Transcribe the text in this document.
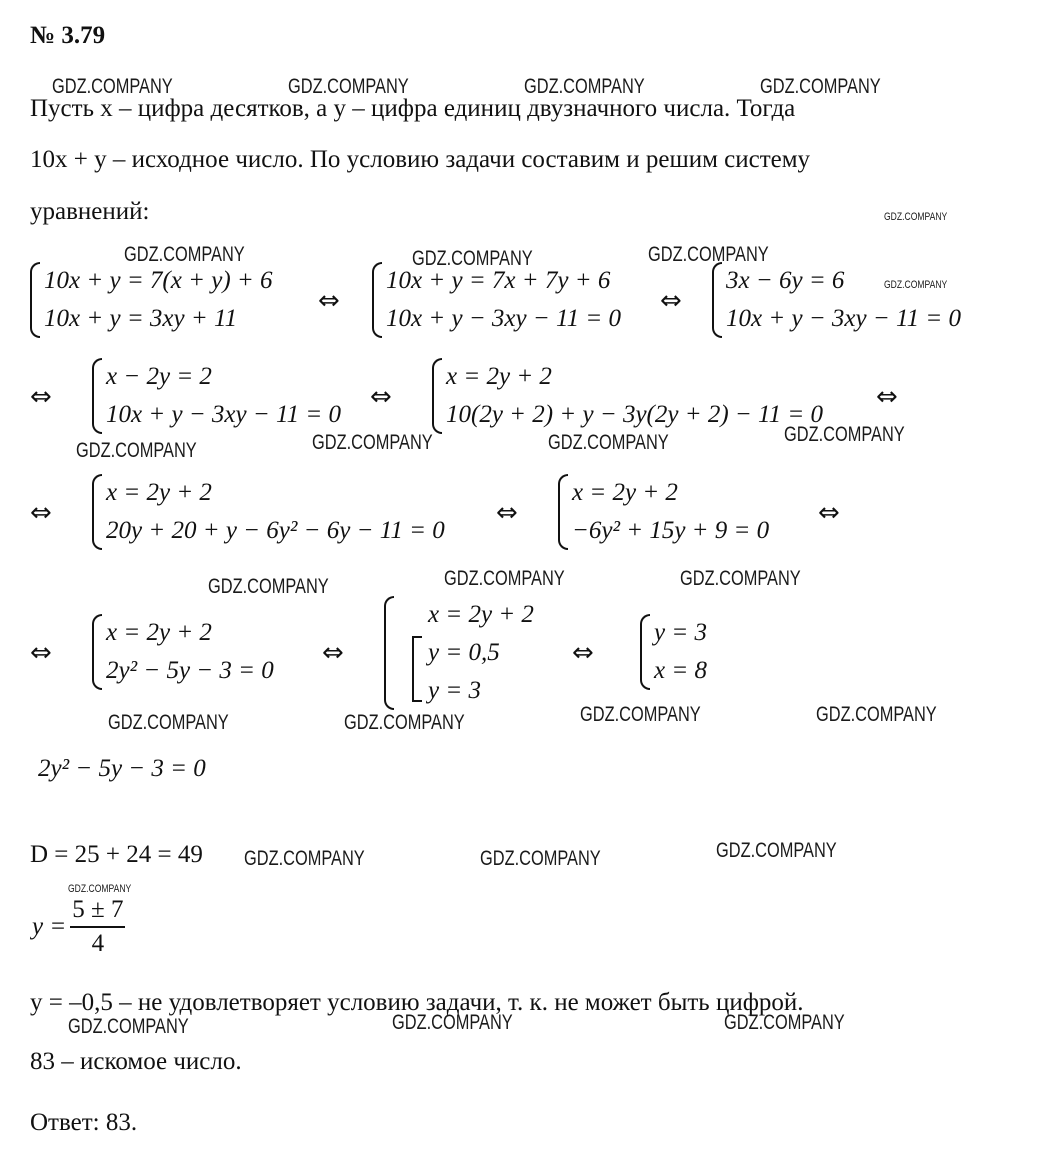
№ 3.79
Пусть х – цифра десятков, а у – цифра единиц двузначного числа. Тогда
10х + у – исходное число. По условию задачи составим и решим систему
уравнений:
10x + y = 7(x + y) + 6
10x + y = 3xy + 11
⇔
10x + y = 7x + 7y + 6
10x + y − 3xy − 11 = 0
⇔
3x − 6y = 6
10x + y − 3xy − 11 = 0
⇔
x − 2y = 2
10x + y − 3xy − 11 = 0
⇔
x = 2y + 2
10(2y + 2) + y − 3y(2y + 2) − 11 = 0
⇔
⇔
x = 2y + 2
20y + 20 + y − 6y² − 6y − 11 = 0
⇔
x = 2y + 2
−6y² + 15y + 9 = 0
⇔
⇔
x = 2y + 2
2y² − 5y − 3 = 0
⇔
x = 2y + 2
y = 0,5
y = 3
⇔
y = 3
x = 8
2y² − 5y − 3 = 0
D = 25 + 24 = 49
$y = \frac{5 \pm 7}{4}$
у = –0,5 – не удовлетворяет условию задачи, т. к. не может быть цифрой.
83 – искомое число.
Ответ: 83.
GDZ.COMPANY	GDZ.COMPANY	GDZ.COMPANY	GDZ.COMPANY
GDZ.COMPANY
GDZ.COMPANY	GDZ.COMPANY	GDZ.COMPANY
GDZ.COMPANY
GDZ.COMPANY	GDZ.COMPANY	GDZ.COMPANY	GDZ.COMPANY
GDZ.COMPANY	GDZ.COMPANY	GDZ.COMPANY
GDZ.COMPANY	GDZ.COMPANY	GDZ.COMPANY	GDZ.COMPANY
GDZ.COMPANY	GDZ.COMPANY	GDZ.COMPANY
GDZ.COMPANY
GDZ.COMPANY	GDZ.COMPANY	GDZ.COMPANY
